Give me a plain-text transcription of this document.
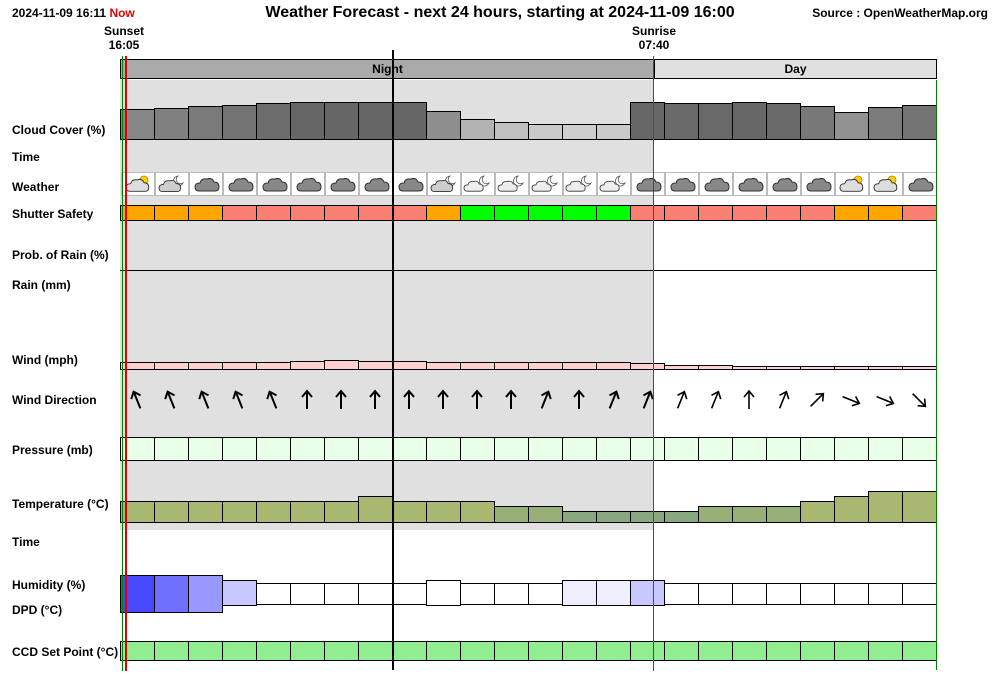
2024-11-09 16:11 Now	Weather Forecast - next 24 hours, starting at 2024-11-09 16:00	Source : OpenWeatherMap.org
Sunset
16:05
Sunrise
07:40
Night	Day
Cloud Cover (%)
Time
Weather
Shutter Safety
Prob. of Rain (%)
Rain (mm)
Wind (mph)
Wind Direction
Pressure (mb)
Temperature (°C)
Time
Humidity (%)
DPD (°C)
CCD Set Point (°C)
